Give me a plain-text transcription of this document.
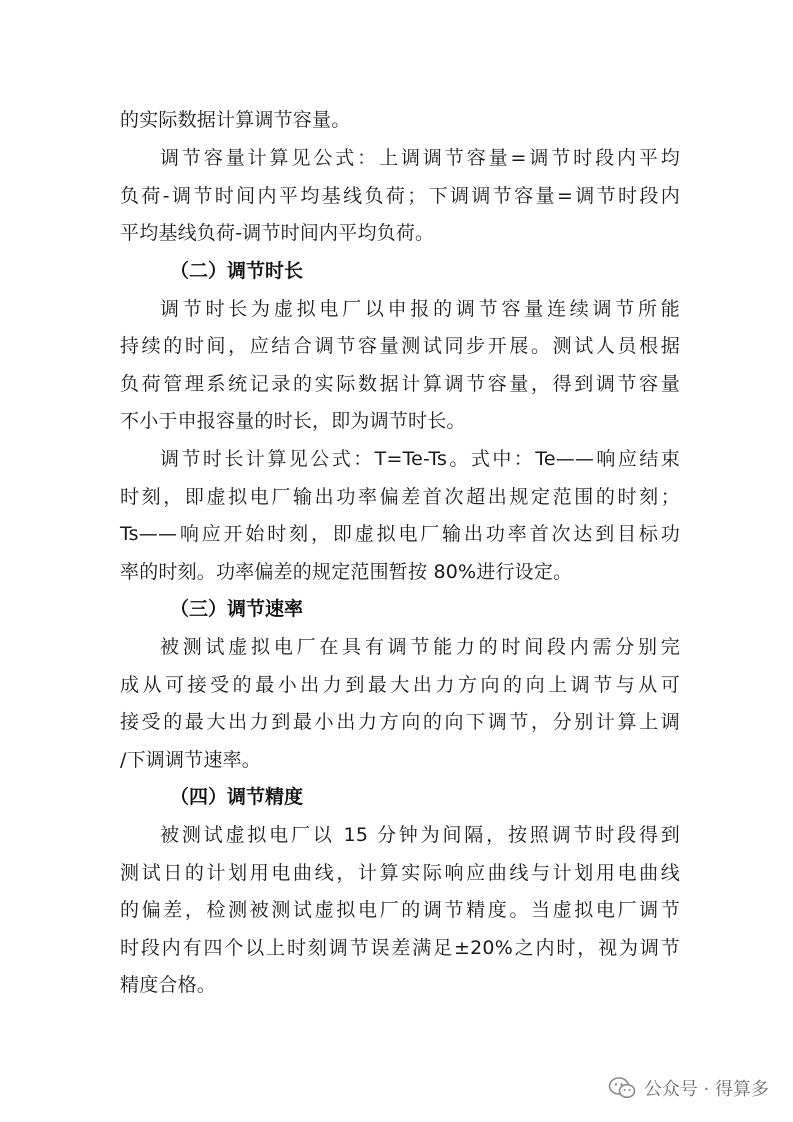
的实际数据计算调节容量。
调节容量计算见公式：上调调节容量=调节时段内平均
负荷-调节时间内平均基线负荷；下调调节容量=调节时段内
平均基线负荷-调节时间内平均负荷。
（二）调节时长
调节时长为虚拟电厂以申报的调节容量连续调节所能
持续的时间，应结合调节容量测试同步开展。测试人员根据
负荷管理系统记录的实际数据计算调节容量，得到调节容量
不小于申报容量的时长，即为调节时长。
调节时长计算见公式：T=Te-Ts。式中：Te——响应结束
时刻，即虚拟电厂输出功率偏差首次超出规定范围的时刻；
Ts——响应开始时刻，即虚拟电厂输出功率首次达到目标功
率的时刻。功率偏差的规定范围暂按 80%进行设定。
（三）调节速率
被测试虚拟电厂在具有调节能力的时间段内需分别完
成从可接受的最小出力到最大出力方向的向上调节与从可
接受的最大出力到最小出力方向的向下调节，分别计算上调
/下调调节速率。
（四）调节精度
被测试虚拟电厂以 15 分钟为间隔，按照调节时段得到
测试日的计划用电曲线，计算实际响应曲线与计划用电曲线
的偏差，检测被测试虚拟电厂的调节精度。当虚拟电厂调节
时段内有四个以上时刻调节误差满足±20%之内时，视为调节
精度合格。
公众号 · 得算多
